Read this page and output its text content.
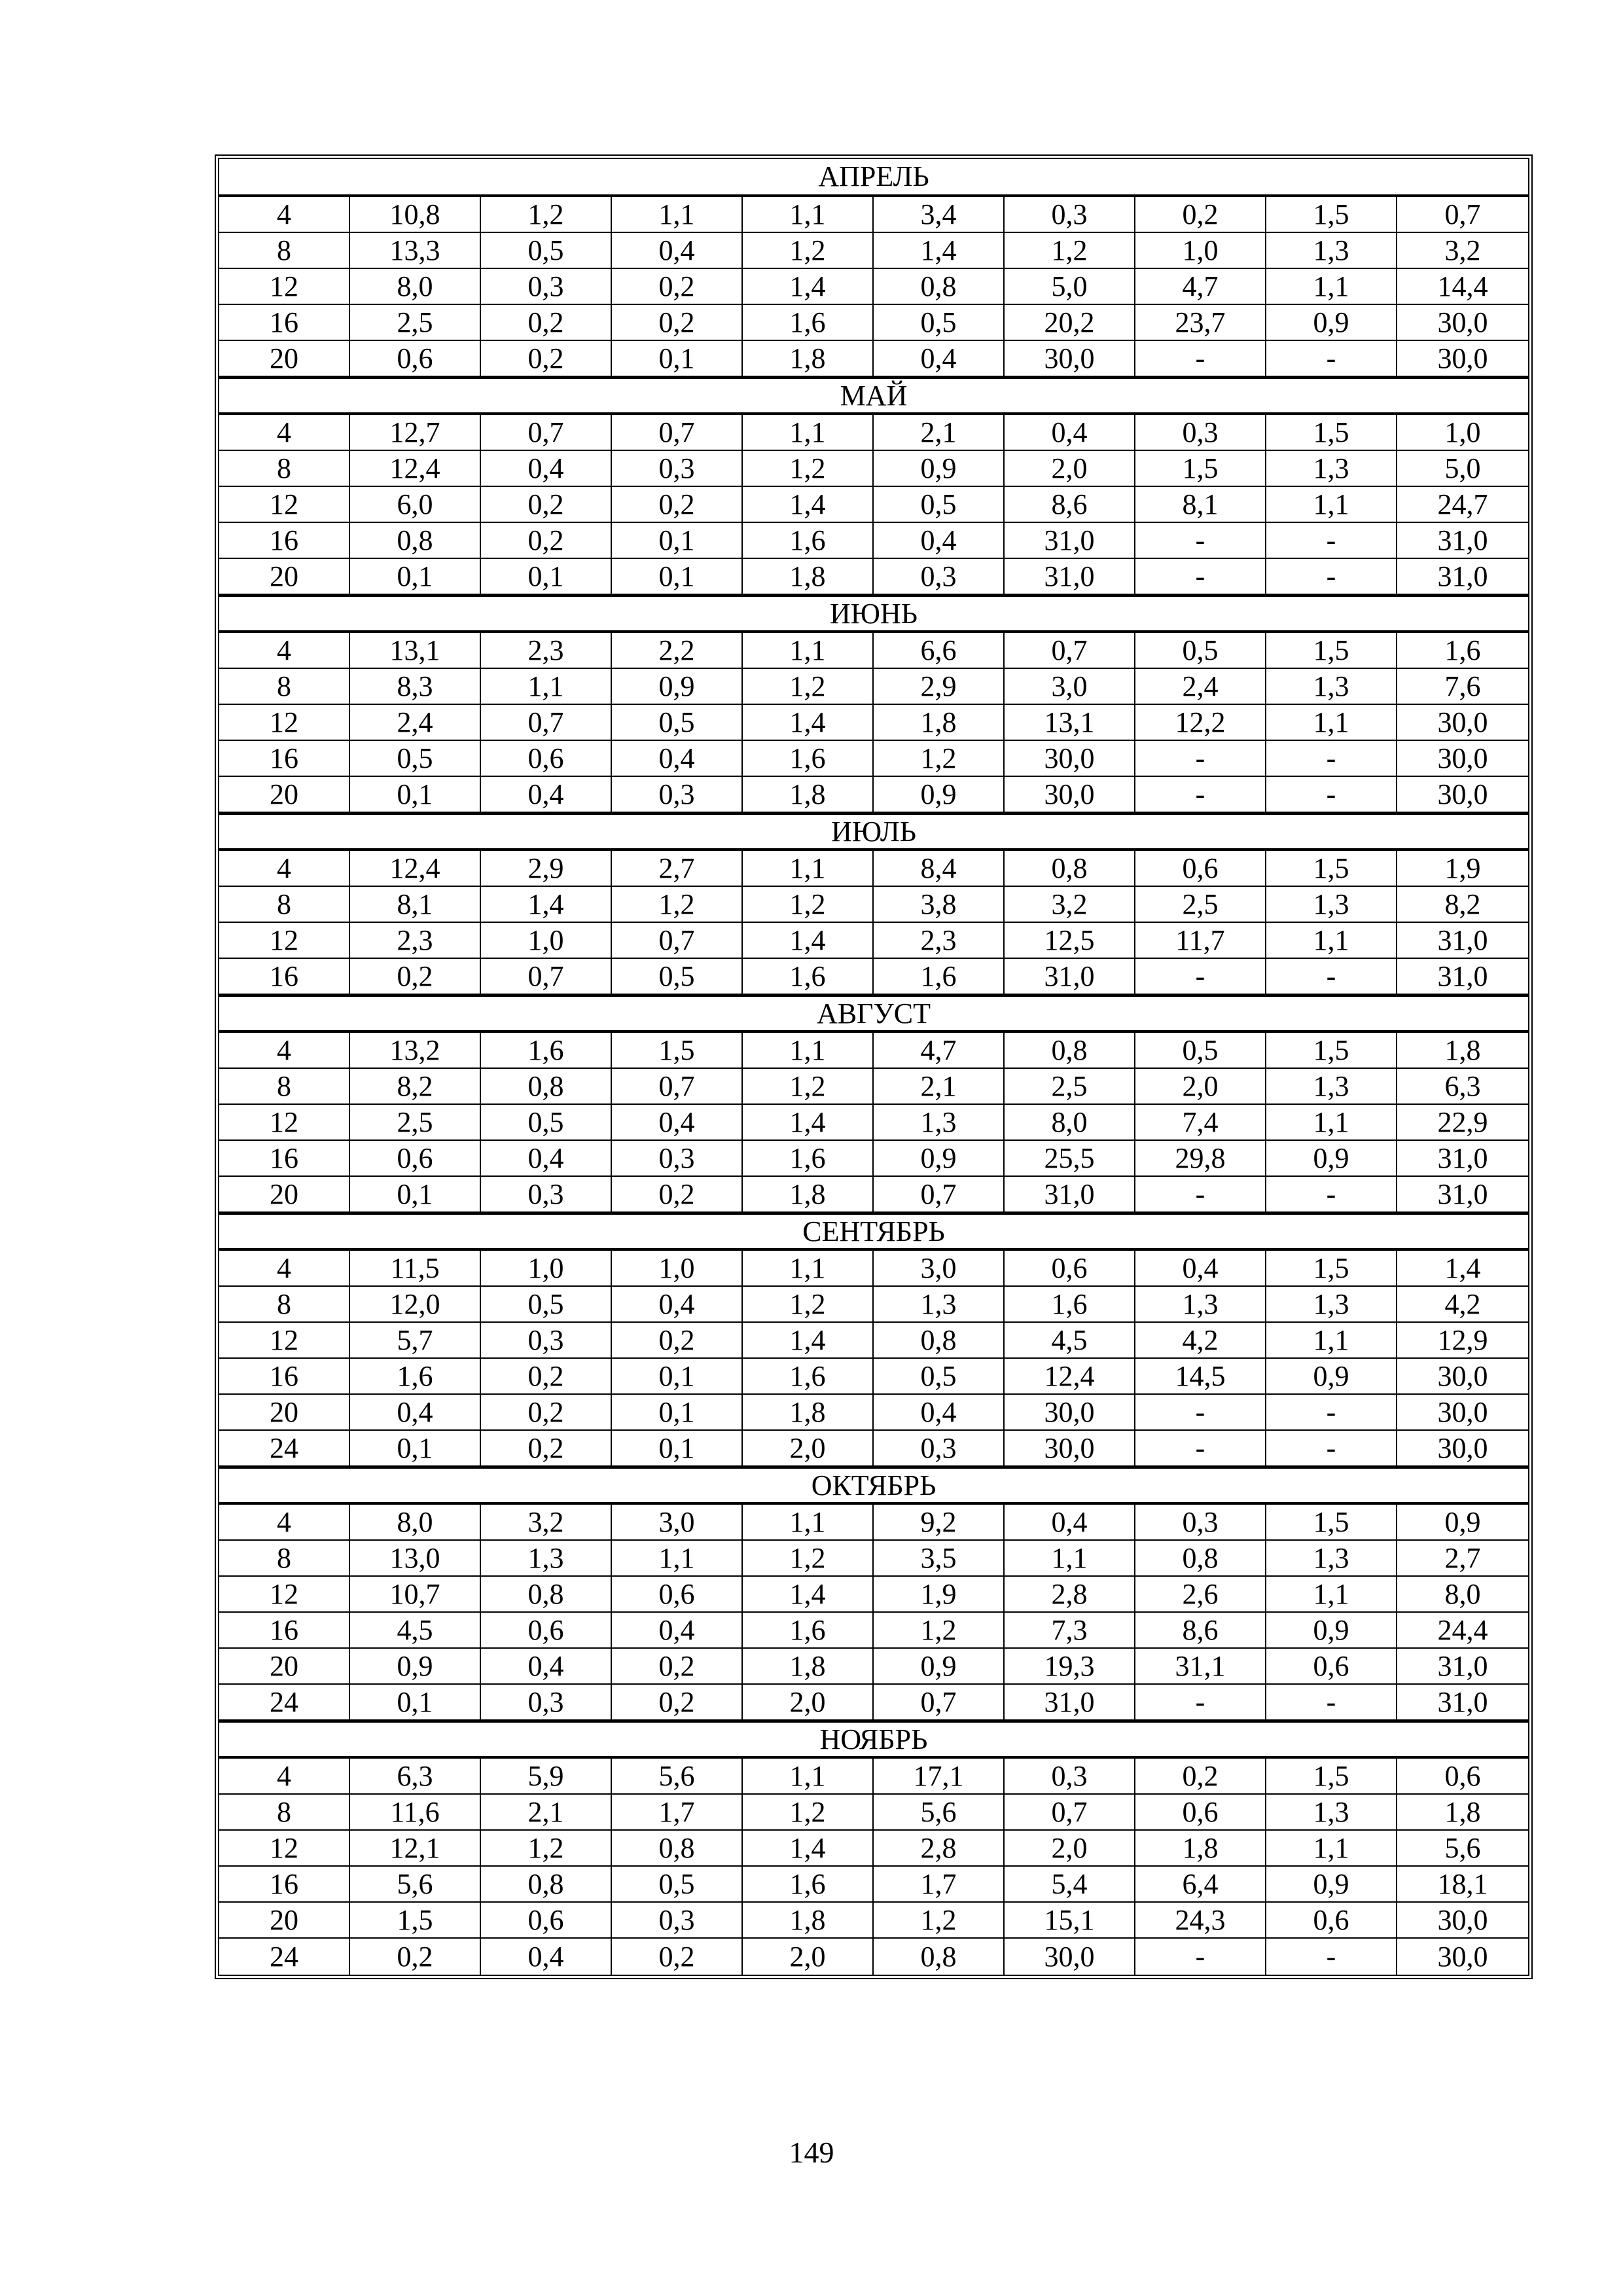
АПРЕЛЬ									
4	10,8	1,2	1,1	1,1	3,4	0,3	0,2	1,5	0,7
8	13,3	0,5	0,4	1,2	1,4	1,2	1,0	1,3	3,2
12	8,0	0,3	0,2	1,4	0,8	5,0	4,7	1,1	14,4
16	2,5	0,2	0,2	1,6	0,5	20,2	23,7	0,9	30,0
20	0,6	0,2	0,1	1,8	0,4	30,0	-	-	30,0
МАЙ									
4	12,7	0,7	0,7	1,1	2,1	0,4	0,3	1,5	1,0
8	12,4	0,4	0,3	1,2	0,9	2,0	1,5	1,3	5,0
12	6,0	0,2	0,2	1,4	0,5	8,6	8,1	1,1	24,7
16	0,8	0,2	0,1	1,6	0,4	31,0	-	-	31,0
20	0,1	0,1	0,1	1,8	0,3	31,0	-	-	31,0
ИЮНЬ									
4	13,1	2,3	2,2	1,1	6,6	0,7	0,5	1,5	1,6
8	8,3	1,1	0,9	1,2	2,9	3,0	2,4	1,3	7,6
12	2,4	0,7	0,5	1,4	1,8	13,1	12,2	1,1	30,0
16	0,5	0,6	0,4	1,6	1,2	30,0	-	-	30,0
20	0,1	0,4	0,3	1,8	0,9	30,0	-	-	30,0
ИЮЛЬ									
4	12,4	2,9	2,7	1,1	8,4	0,8	0,6	1,5	1,9
8	8,1	1,4	1,2	1,2	3,8	3,2	2,5	1,3	8,2
12	2,3	1,0	0,7	1,4	2,3	12,5	11,7	1,1	31,0
16	0,2	0,7	0,5	1,6	1,6	31,0	-	-	31,0
АВГУСТ									
4	13,2	1,6	1,5	1,1	4,7	0,8	0,5	1,5	1,8
8	8,2	0,8	0,7	1,2	2,1	2,5	2,0	1,3	6,3
12	2,5	0,5	0,4	1,4	1,3	8,0	7,4	1,1	22,9
16	0,6	0,4	0,3	1,6	0,9	25,5	29,8	0,9	31,0
20	0,1	0,3	0,2	1,8	0,7	31,0	-	-	31,0
СЕНТЯБРЬ									
4	11,5	1,0	1,0	1,1	3,0	0,6	0,4	1,5	1,4
8	12,0	0,5	0,4	1,2	1,3	1,6	1,3	1,3	4,2
12	5,7	0,3	0,2	1,4	0,8	4,5	4,2	1,1	12,9
16	1,6	0,2	0,1	1,6	0,5	12,4	14,5	0,9	30,0
20	0,4	0,2	0,1	1,8	0,4	30,0	-	-	30,0
24	0,1	0,2	0,1	2,0	0,3	30,0	-	-	30,0
ОКТЯБРЬ									
4	8,0	3,2	3,0	1,1	9,2	0,4	0,3	1,5	0,9
8	13,0	1,3	1,1	1,2	3,5	1,1	0,8	1,3	2,7
12	10,7	0,8	0,6	1,4	1,9	2,8	2,6	1,1	8,0
16	4,5	0,6	0,4	1,6	1,2	7,3	8,6	0,9	24,4
20	0,9	0,4	0,2	1,8	0,9	19,3	31,1	0,6	31,0
24	0,1	0,3	0,2	2,0	0,7	31,0	-	-	31,0
НОЯБРЬ									
4	6,3	5,9	5,6	1,1	17,1	0,3	0,2	1,5	0,6
8	11,6	2,1	1,7	1,2	5,6	0,7	0,6	1,3	1,8
12	12,1	1,2	0,8	1,4	2,8	2,0	1,8	1,1	5,6
16	5,6	0,8	0,5	1,6	1,7	5,4	6,4	0,9	18,1
20	1,5	0,6	0,3	1,8	1,2	15,1	24,3	0,6	30,0
24	0,2	0,4	0,2	2,0	0,8	30,0	-	-	30,0
149
